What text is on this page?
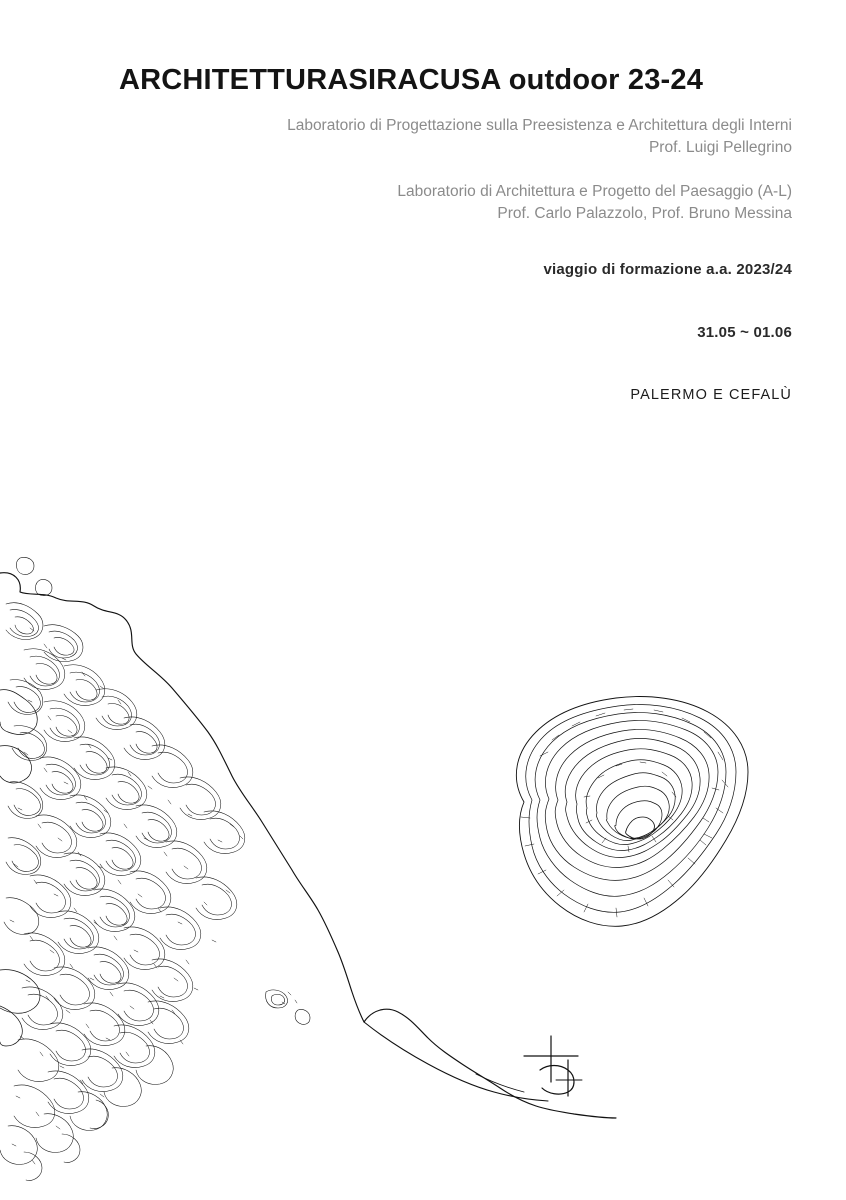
ARCHITETTURASIRACUSA outdoor 23-24
Laboratorio di Progettazione sulla Preesistenza e Architettura degli Interni
Prof. Luigi Pellegrino
Laboratorio di Architettura e Progetto del Paesaggio (A-L)
Prof. Carlo Palazzolo, Prof. Bruno Messina
viaggio di formazione a.a. 2023/24
31.05 ~ 01.06
PALERMO E CEFALÙ
